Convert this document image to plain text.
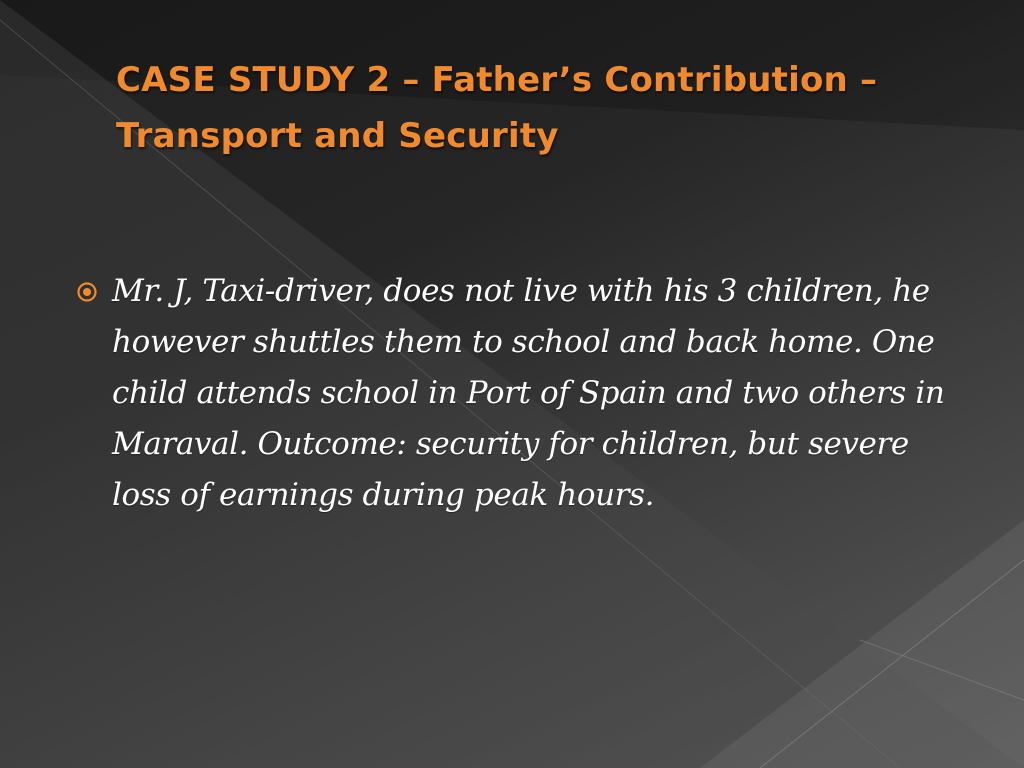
CASE STUDY 2 – Father’s Contribution – Transport and Security
Mr. J, Taxi-driver, does not live with his 3 children, he however shuttles them to school and back home. One child attends school in Port of Spain and two others in Maraval. Outcome: security for children, but severe loss of earnings during peak hours.
